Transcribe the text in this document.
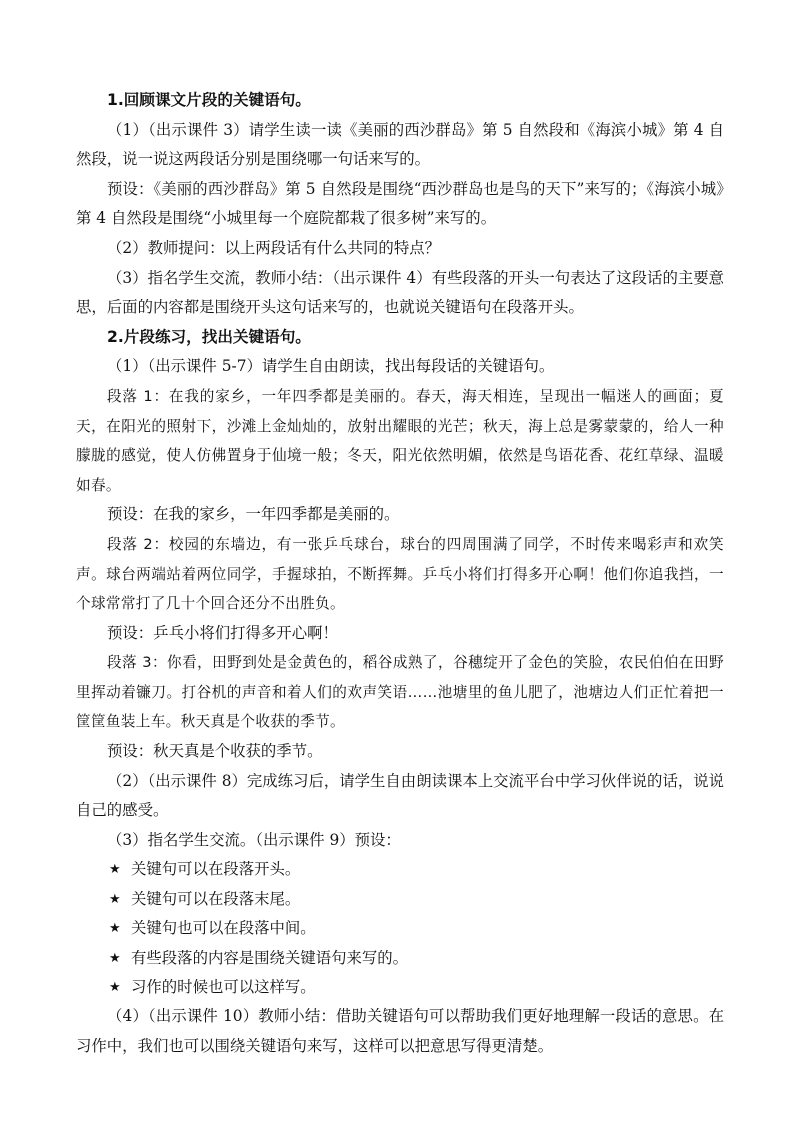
1.回顾课文片段的关键语句。

（1）（出示课件 3）请学生读一读《美丽的西沙群岛》第 5 自然段和《海滨小城》第 4 自然段，说一说这两段话分别是围绕哪一句话来写的。

预设：《美丽的西沙群岛》第 5 自然段是围绕“西沙群岛也是鸟的天下”来写的；《海滨小城》第 4 自然段是围绕“小城里每一个庭院都栽了很多树”来写的。

（2）教师提问：以上两段话有什么共同的特点？

（3）指名学生交流，教师小结：（出示课件 4）有些段落的开头一句表达了这段话的主要意思，后面的内容都是围绕开头这句话来写的，也就说关键语句在段落开头。

2.片段练习，找出关键语句。

（1）（出示课件 5-7）请学生自由朗读，找出每段话的关键语句。

段落 1：在我的家乡，一年四季都是美丽的。春天，海天相连，呈现出一幅迷人的画面；夏天，在阳光的照射下，沙滩上金灿灿的，放射出耀眼的光芒；秋天，海上总是雾蒙蒙的，给人一种朦胧的感觉，使人仿佛置身于仙境一般；冬天，阳光依然明媚，依然是鸟语花香、花红草绿、温暖如春。

预设：在我的家乡，一年四季都是美丽的。

段落 2：校园的东墙边，有一张乒乓球台，球台的四周围满了同学，不时传来喝彩声和欢笑声。球台两端站着两位同学，手握球拍，不断挥舞。乒乓小将们打得多开心啊！他们你追我挡，一个球常常打了几十个回合还分不出胜负。

预设：乒乓小将们打得多开心啊！

段落 3：你看，田野到处是金黄色的，稻谷成熟了，谷穗绽开了金色的笑脸，农民伯伯在田野里挥动着镰刀。打谷机的声音和着人们的欢声笑语……池塘里的鱼儿肥了，池塘边人们正忙着把一筐筐鱼装上车。秋天真是个收获的季节。

预设：秋天真是个收获的季节。

（2）（出示课件 8）完成练习后，请学生自由朗读课本上交流平台中学习伙伴说的话，说说自己的感受。

（3）指名学生交流。（出示课件 9）预设：

★ 关键句可以在段落开头。
★ 关键句可以在段落末尾。
★ 关键句也可以在段落中间。
★ 有些段落的内容是围绕关键语句来写的。
★ 习作的时候也可以这样写。

（4）（出示课件 10）教师小结：借助关键语句可以帮助我们更好地理解一段话的意思。在习作中，我们也可以围绕关键语句来写，这样可以把意思写得更清楚。
